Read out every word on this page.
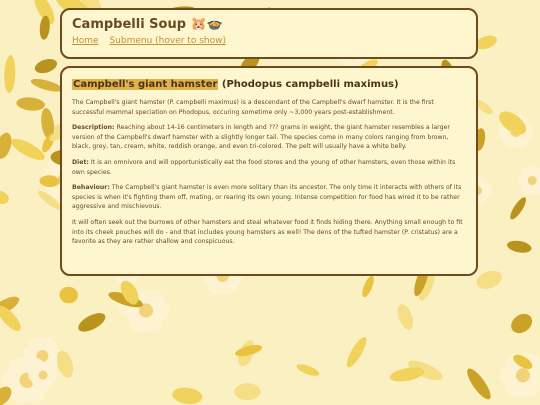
Campbelli Soup 🐹🍲
Home Submenu (hover to show)
Campbell's giant hamster (Phodopus campbelli maximus)

The Campbell's giant hamster (P. campbelli maximus) is a descendant of the Campbell's dwarf hamster. It is the first successful mammal speciation on Phodopus, occuring sometime only ~3,000 years post-establishment.

Description: Reaching about 14-16 centimeters in length and ??? grams in weight, the giant hamster resembles a larger version of the Campbell's dwarf hamster with a slightly longer tail. The species come in many colors ranging from brown, black, grey, tan, cream, white, reddish orange, and even tri-colored. The pelt will usually have a white belly.

Diet: It is an omnivore and will opportunistically eat the food stores and the young of other hamsters, even those within its own species.

Behaviour: The Campbell's giant hamster is even more solitary than its ancestor. The only time it interacts with others of its species is when it's fighting them off, mating, or rearing its own young. Intense competition for food has wired it to be rather aggressive and mischievous.

It will often seek out the burrows of other hamsters and steal whatever food it finds hiding there. Anything small enough to fit into its cheek pouches will do - and that includes young hamsters as well! The dens of the tufted hamster (P. cristatus) are a favorite as they are rather shallow and conspicuous.
